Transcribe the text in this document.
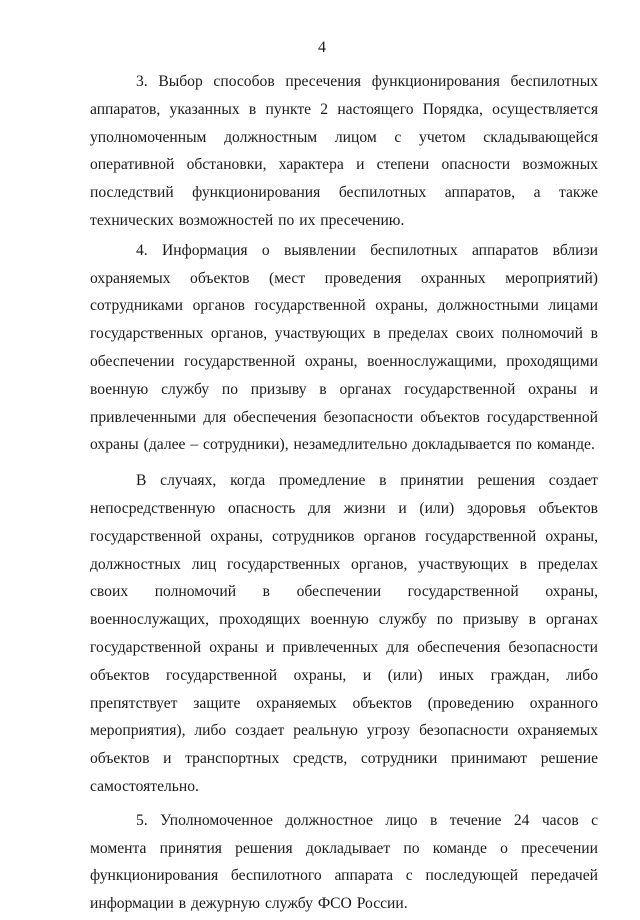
4

3. Выбор способов пресечения функционирования беспилотных аппаратов, указанных в пункте 2 настоящего Порядка, осуществляется уполномоченным должностным лицом с учетом складывающейся оперативной обстановки, характера и степени опасности возможных последствий функционирования беспилотных аппаратов, а также технических возможностей по их пресечению.

4. Информация о выявлении беспилотных аппаратов вблизи охраняемых объектов (мест проведения охранных мероприятий) сотрудниками органов государственной охраны, должностными лицами государственных органов, участвующих в пределах своих полномочий в обеспечении государственной охраны, военнослужащими, проходящими военную службу по призыву в органах государственной охраны и привлеченными для обеспечения безопасности объектов государственной охраны (далее – сотрудники), незамедлительно докладывается по команде.

В случаях, когда промедление в принятии решения создает непосредственную опасность для жизни и (или) здоровья объектов государственной охраны, сотрудников органов государственной охраны, должностных лиц государственных органов, участвующих в пределах своих полномочий в обеспечении государственной охраны, военнослужащих, проходящих военную службу по призыву в органах государственной охраны и привлеченных для обеспечения безопасности объектов государственной охраны, и (или) иных граждан, либо препятствует защите охраняемых объектов (проведению охранного мероприятия), либо создает реальную угрозу безопасности охраняемых объектов и транспортных средств, сотрудники принимают решение самостоятельно.

5. Уполномоченное должностное лицо в течение 24 часов с момента принятия решения докладывает по команде о пресечении функционирования беспилотного аппарата с последующей передачей информации в дежурную службу ФСО России.
